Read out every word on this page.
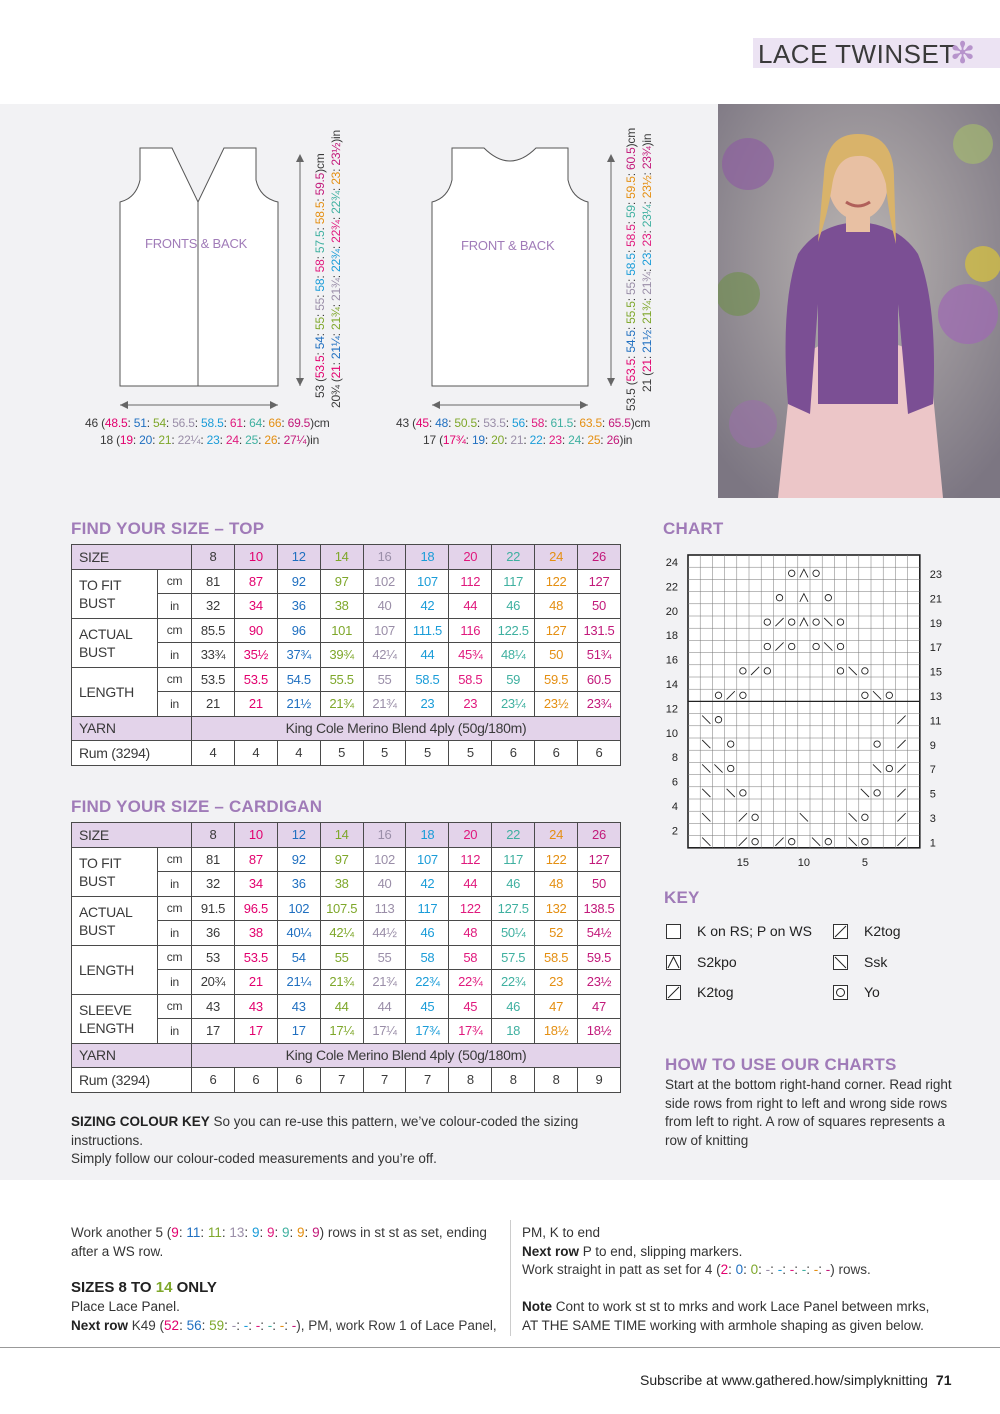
LACE TWINSET
✻
FRONTS & BACK
46 (48.5: 51: 54: 56.5: 58.5: 61: 64: 66: 69.5)cm
18 (19: 20: 21: 22¼: 23: 24: 25: 26: 27¼)in
53 (53.5: 54: 55: 55: 58: 58: 57.5: 58.5: 59.5)cm
20¾ (21: 21¼: 21¾: 21¾: 22¾: 22¾: 22¾: 23: 23½)in
FRONT & BACK
43 (45: 48: 50.5: 53.5: 56: 58: 61.5: 63.5: 65.5)cm
17 (17¾: 19: 20: 21: 22: 23: 24: 25: 26)in
53.5 (53.5: 54.5: 55.5: 55: 58.5: 58.5: 59: 59.5: 60.5)cm
21 (21: 21½: 21¾: 21¾: 23: 23: 23¼: 23½: 23¾)in
FIND YOUR SIZE – TOP
SIZE		8	10	12	14	16	18	20	22	24	26
TO FIT BUST	cm	81	87	92	97	102	107	112	117	122	127
	in	32	34	36	38	40	42	44	46	48	50
ACTUAL BUST	cm	85.5	90	96	101	107	111.5	116	122.5	127	131.5
	in	33¾	35½	37¾	39¾	42¼	44	45¾	48¼	50	51¾
LENGTH	cm	53.5	53.5	54.5	55.5	55	58.5	58.5	59	59.5	60.5
	in	21	21	21½	21¾	21¾	23	23	23¼	23½	23¾
YARN		King Cole Merino Blend 4ply (50g/180m)									
Rum (3294)		4	4	4	5	5	5	5	6	6	6
FIND YOUR SIZE – CARDIGAN
SIZE		8	10	12	14	16	18	20	22	24	26
TO FIT BUST	cm	81	87	92	97	102	107	112	117	122	127
	in	32	34	36	38	40	42	44	46	48	50
ACTUAL BUST	cm	91.5	96.5	102	107.5	113	117	122	127.5	132	138.5
	in	36	38	40¼	42¼	44½	46	48	50¼	52	54½
LENGTH	cm	53	53.5	54	55	55	58	58	57.5	58.5	59.5
	in	20¾	21	21¼	21¾	21¾	22¾	22¾	22¾	23	23½
SLEEVE LENGTH	cm	43	43	43	44	44	45	45	46	47	47
	in	17	17	17	17¼	17¼	17¾	17¾	18	18½	18½
YARN		King Cole Merino Blend 4ply (50g/180m)									
Rum (3294)		6	6	6	7	7	7	8	8	8	9
SIZING COLOUR KEY So you can re-use this pattern, we’ve colour-coded the sizing instructions.
Simply follow our colour-coded measurements and you’re off.
CHART
24
22
20
18
16
14
12
10
8
6
4
2
23
21
19
17
15
13
11
9
7
5
3
1
15	10	5
KEY
K on RS; P on WS	K2tog
S2kpo	Ssk
K2tog	Yo
HOW TO USE OUR CHARTS
Start at the bottom right-hand corner. Read right
side rows from right to left and wrong side rows
from left to right. A row of squares represents a
row of knitting
Work another 5 (9: 11: 11: 13: 9: 9: 9: 9: 9) rows in st st as set, ending
after a WS row.
SIZES 8 TO 14 ONLY
Place Lace Panel.
Next row K49 (52: 56: 59: -: -: -: -: -: -), PM, work Row 1 of Lace Panel,
PM, K to end
Next row P to end, slipping markers.
Work straight in patt as set for 4 (2: 0: 0: -: -: -: -: -: -) rows.
Note Cont to work st st to mrks and work Lace Panel between mrks,
AT THE SAME TIME working with armhole shaping as given below.
Subscribe at www.gathered.how/simplyknitting 71
